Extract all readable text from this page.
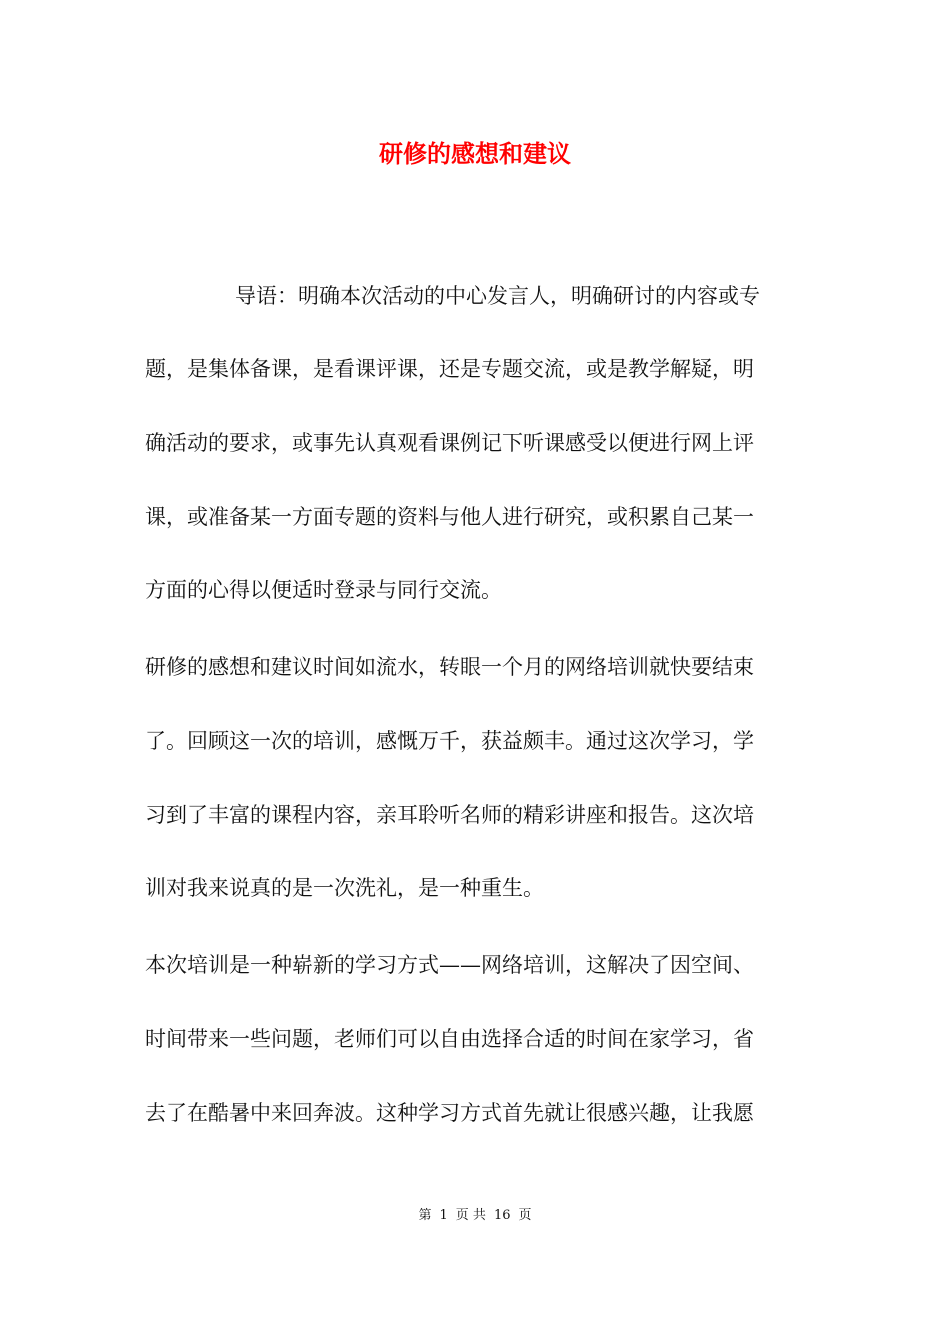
研修的感想和建议
导语：明确本次活动的中心发言人，明确研讨的内容或专
题，是集体备课，是看课评课，还是专题交流，或是教学解疑，明
确活动的要求，或事先认真观看课例记下听课感受以便进行网上评
课，或准备某一方面专题的资料与他人进行研究，或积累自己某一
方面的心得以便适时登录与同行交流。
研修的感想和建议时间如流水，转眼一个月的网络培训就快要结束
了。回顾这一次的培训，感慨万千，获益颇丰。通过这次学习，学
习到了丰富的课程内容，亲耳聆听名师的精彩讲座和报告。这次培
训对我来说真的是一次洗礼，是一种重生。
本次培训是一种崭新的学习方式——网络培训，这解决了因空间、
时间带来一些问题，老师们可以自由选择合适的时间在家学习，省
去了在酷暑中来回奔波。这种学习方式首先就让很感兴趣，让我愿
第 1 页 共 16 页
